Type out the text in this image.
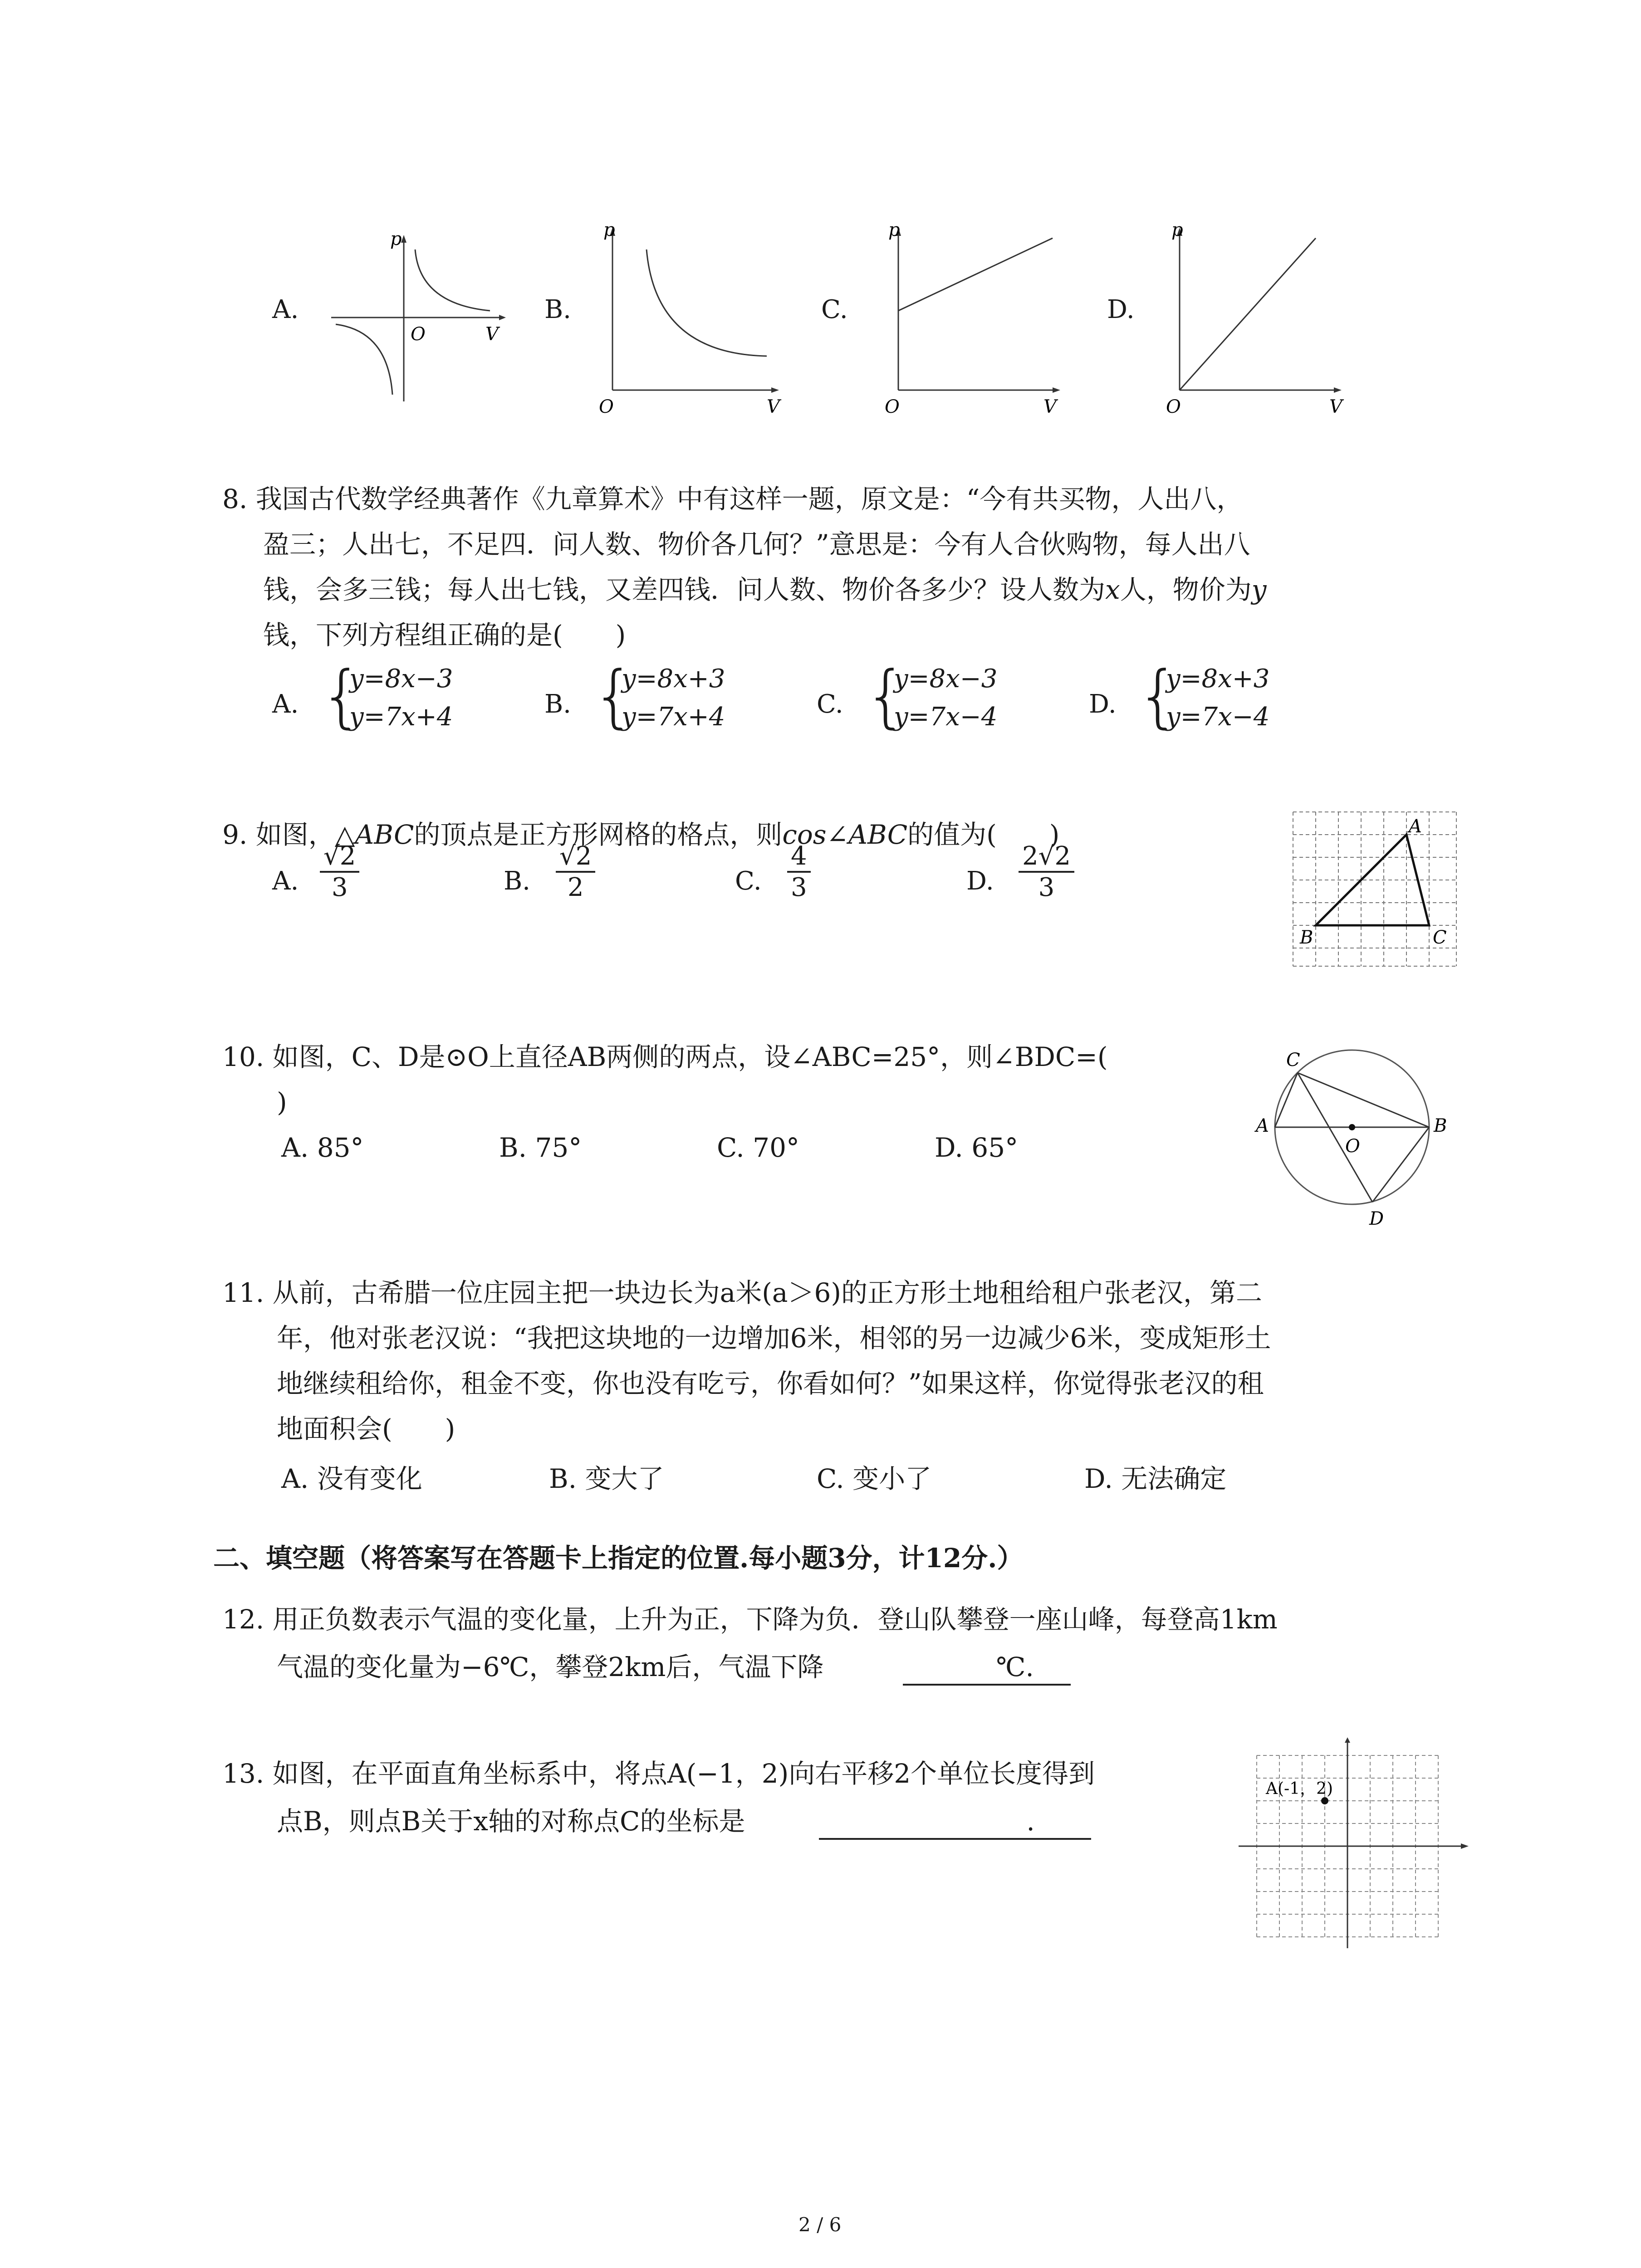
A.
p
O	V
B.
p
O	V
C.
p
O	V
D.
p
O	V
8. 我国古代数学经典著作《九章算术》中有这样一题，原文是：“今有共买物，人出八，
盈三；人出七，不足四．问人数、物价各几何？”意思是：今有人合伙购物，每人出八
钱，会多三钱；每人出七钱，又差四钱．问人数、物价各多少？设人数为x人，物价为y
钱，下列方程组正确的是(　　)
A. {
y=8x−3
y=7x+4	B. {
y=8x+3
y=7x+4	C. {
y=8x−3
y=7x−4	D. {
y=8x+3
y=7x−4
9. 如图，△ABC的顶点是正方形网格的格点，则cos∠ABC的值为(　　)
A. $\frac{√2}{3}$	B. $\frac{√2}{2}$	C. $\frac{4}{3}$	D. $\frac{2√2}{3}$
A
B	C
10. 如图，C、D是⊙O上直径AB两侧的两点，设∠ABC=25°，则∠BDC=(
)
A. 85°	B. 75°	C. 70°	D. 65°
C
A	B
O
D
11. 从前，古希腊一位庄园主把一块边长为a米(a＞6)的正方形土地租给租户张老汉，第二
年，他对张老汉说：“我把这块地的一边增加6米，相邻的另一边减少6米，变成矩形土
地继续租给你，租金不变，你也没有吃亏，你看如何？”如果这样，你觉得张老汉的租
地面积会(　　)
A. 没有变化	B. 变大了	C. 变小了	D. 无法确定
二、填空题（将答案写在答题卡上指定的位置.每小题3分，计12分.）
12. 用正负数表示气温的变化量，上升为正，下降为负．登山队攀登一座山峰，每登高1km
气温的变化量为−6℃，攀登2km后，气温下降	℃.
13. 如图，在平面直角坐标系中，将点A(−1，2)向右平移2个单位长度得到
点B，则点B关于x轴的对称点C的坐标是	.
A(-1，2)
2 / 6
